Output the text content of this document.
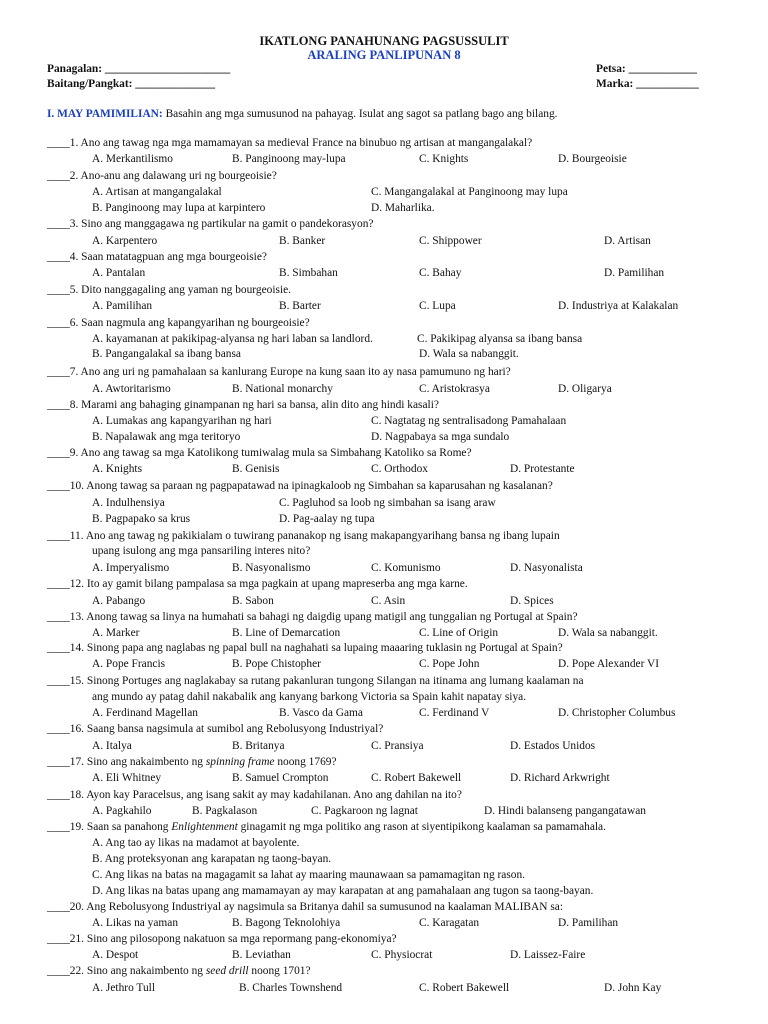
IKATLONG PANAHUNANG PAGSUSSULIT
ARALING PANLIPUNAN 8
Panagalan: ______________________	Petsa: ____________
Baitang/Pangkat: ______________	Marka: ___________
I. MAY PAMIMILIAN: Basahin ang mga sumusunod na pahayag. Isulat ang sagot sa patlang bago ang bilang.
____1. Ano ang tawag nga mga mamamayan sa medieval France na binubuo ng artisan at mangangalakal?
A. Merkantilismo	B. Panginoong may-lupa	C. Knights	D. Bourgeoisie
____2. Ano-anu ang dalawang uri ng bourgeoisie?
A. Artisan at mangangalakal	C. Mangangalakal at Panginoong may lupa
B. Panginoong may lupa at karpintero	D. Maharlika.
____3. Sino ang manggagawa ng partikular na gamit o pandekorasyon?
A. Karpentero	B. Banker	C. Shippower	D. Artisan
____4. Saan matatagpuan ang mga bourgeoisie?
A. Pantalan	B. Simbahan	C. Bahay	D. Pamilihan
____5. Dito nanggagaling ang yaman ng bourgeoisie.
A. Pamilihan	B. Barter	C. Lupa	D. Industriya at Kalakalan
____6. Saan nagmula ang kapangyarihan ng bourgeoisie?
A. kayamanan at pakikipag-alyansa ng hari laban sa landlord.	C. Pakikipag alyansa sa ibang bansa
B. Pangangalakal sa ibang bansa	D. Wala sa nabanggit.
____7. Ano ang uri ng pamahalaan sa kanlurang Europe na kung saan ito ay nasa pamumuno ng hari?
A. Awtoritarismo	B. National monarchy	C. Aristokrasya	D. Oligarya
____8. Marami ang bahaging ginampanan ng hari sa bansa, alin dito ang hindi kasali?
A. Lumakas ang kapangyarihan ng hari	C. Nagtatag ng sentralisadong Pamahalaan
B. Napalawak ang mga teritoryo	D. Nagpabaya sa mga sundalo
____9. Ano ang tawag sa mga Katolikong tumiwalag mula sa Simbahang Katoliko sa Rome?
A. Knights	B. Genisis	C. Orthodox	D. Protestante
____10. Anong tawag sa paraan ng pagpapatawad na ipinagkaloob ng Simbahan sa kaparusahan ng kasalanan?
A. Indulhensiya	C. Pagluhod sa loob ng simbahan sa isang araw
B. Pagpapako sa krus	D. Pag-aalay ng tupa
____11. Ano ang tawag ng pakikialam o tuwirang pananakop ng isang makapangyarihang bansa ng ibang lupain
upang isulong ang mga pansariling interes nito?
A. Imperyalismo	B. Nasyonalismo	C. Komunismo	D. Nasyonalista
____12. Ito ay gamit bilang pampalasa sa mga pagkain at upang mapreserba ang mga karne.
A. Pabango	B. Sabon	C. Asin	D. Spices
____13. Anong tawag sa linya na humahati sa bahagi ng daigdig upang matigil ang tunggalian ng Portugal at Spain?
A. Marker	B. Line of Demarcation	C. Line of Origin	D. Wala sa nabanggit.
____14. Sinong papa ang naglabas ng papal bull na naghahati sa lupaing maaaring tuklasin ng Portugal at Spain?
A. Pope Francis	B. Pope Chistopher	C. Pope John	D. Pope Alexander VI
____15. Sinong Portuges ang naglakabay sa rutang pakanluran tungong Silangan na itinama ang lumang kaalaman na
ang mundo ay patag dahil nakabalik ang kanyang barkong Victoria sa Spain kahit napatay siya.
A. Ferdinand Magellan	B. Vasco da Gama	C. Ferdinand V	D. Christopher Columbus
____16. Saang bansa nagsimula at sumibol ang Rebolusyong Industriyal?
A. Italya	B. Britanya	C. Pransiya	D. Estados Unidos
____17. Sino ang nakaimbento ng spinning frame noong 1769?
A. Eli Whitney	B. Samuel Crompton	C. Robert Bakewell	D. Richard Arkwright
____18. Ayon kay Paracelsus, ang isang sakit ay may kadahilanan. Ano ang dahilan na ito?
A. Pagkahilo	B. Pagkalason	C. Pagkaroon ng lagnat	D. Hindi balanseng pangangatawan
____19. Saan sa panahong Enlightenment ginagamit ng mga politiko ang rason at siyentipikong kaalaman sa pamamahala.
A. Ang tao ay likas na madamot at bayolente.
B. Ang proteksyonan ang karapatan ng taong-bayan.
C. Ang likas na batas na magagamit sa lahat ay maaring maunawaan sa pamamagitan ng rason.
D. Ang likas na batas upang ang mamamayan ay may karapatan at ang pamahalaan ang tugon sa taong-bayan.
____20. Ang Rebolusyong Industriyal ay nagsimula sa Britanya dahil sa sumusunod na kaalaman MALIBAN sa:
A. Likas na yaman	B. Bagong Teknolohiya	C. Karagatan	D. Pamilihan
____21. Sino ang pilosopong nakatuon sa mga repormang pang-ekonomiya?
A. Despot	B. Leviathan	C. Physiocrat	D. Laissez-Faire
____22. Sino ang nakaimbento ng seed drill noong 1701?
A. Jethro Tull	B. Charles Townshend	C. Robert Bakewell	D. John Kay
